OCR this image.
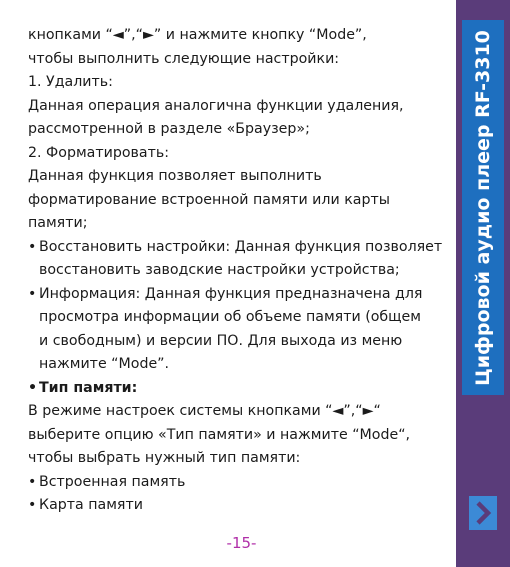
кнопками “◄”,“►” и нажмите кнопку “Mode”,
чтобы выполнить следующие настройки:
1. Удалить:
Данная операция аналогична функции удаления,
рассмотренной в разделе «Браузер»;
2. Форматировать:
Данная функция позволяет выполнить
форматирование встроенной памяти или карты
памяти;
• Восстановить настройки: Данная функция позволяет
восстановить заводские настройки устройства;
• Информация: Данная функция предназначена для
просмотра информации об объеме памяти (общем
и свободным) и версии ПО. Для выхода из меню
нажмите “Mode”.
• Тип памяти:
В режиме настроек системы кнопками “◄”,“►“
выберите опцию «Тип памяти» и нажмите “Mode“,
чтобы выбрать нужный тип памяти:
• Встроенная память
• Карта памяти
-15-
Цифровой аудио плеер RF-3310
